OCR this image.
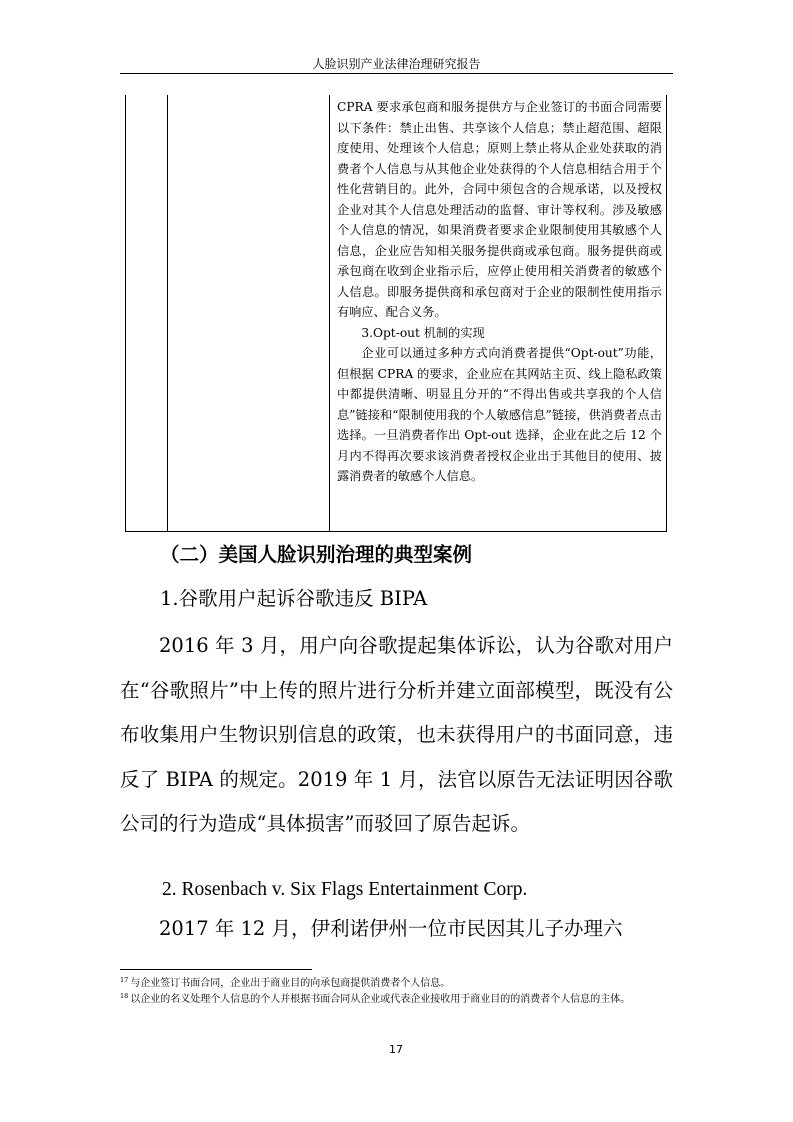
人脸识别产业法律治理研究报告

CPRA 要求承包商和服务提供方与企业签订的书面合同需要以下条件：禁止出售、共享该个人信息；禁止超范围、超限度使用、处理该个人信息；原则上禁止将从企业处获取的消费者个人信息与从其他企业处获得的个人信息相结合用于个性化营销目的。此外，合同中须包含的合规承诺，以及授权企业对其个人信息处理活动的监督、审计等权利。涉及敏感个人信息的情况，如果消费者要求企业限制使用其敏感个人信息，企业应告知相关服务提供商或承包商。服务提供商或承包商在收到企业指示后，应停止使用相关消费者的敏感个人信息。即服务提供商和承包商对于企业的限制性使用指示有响应、配合义务。

3.Opt-out 机制的实现

企业可以通过多种方式向消费者提供“Opt-out”功能，但根据 CPRA 的要求，企业应在其网站主页、线上隐私政策中都提供清晰、明显且分开的“不得出售或共享我的个人信息”链接和“限制使用我的个人敏感信息”链接，供消费者点击选择。一旦消费者作出 Opt-out 选择，企业在此之后 12 个月内不得再次要求该消费者授权企业出于其他目的使用、披露消费者的敏感个人信息。

（二）美国人脸识别治理的典型案例
1.谷歌用户起诉谷歌违反 BIPA
2016 年 3 月，用户向谷歌提起集体诉讼，认为谷歌对用户在“谷歌照片”中上传的照片进行分析并建立面部模型，既没有公布收集用户生物识别信息的政策，也未获得用户的书面同意，违反了 BIPA 的规定。2019 年 1 月，法官以原告无法证明因谷歌公司的行为造成“具体损害”而驳回了原告起诉。
2. Rosenbach v. Six Flags Entertainment Corp.
2017 年 12 月，伊利诺伊州一位市民因其儿子办理六

$^{17}$ 与企业签订书面合同，企业出于商业目的向承包商提供消费者个人信息。

$^{18}$ 以企业的名义处理个人信息的个人并根据书面合同从企业或代表企业接收用于商业目的的消费者个人信息的主体。

17
